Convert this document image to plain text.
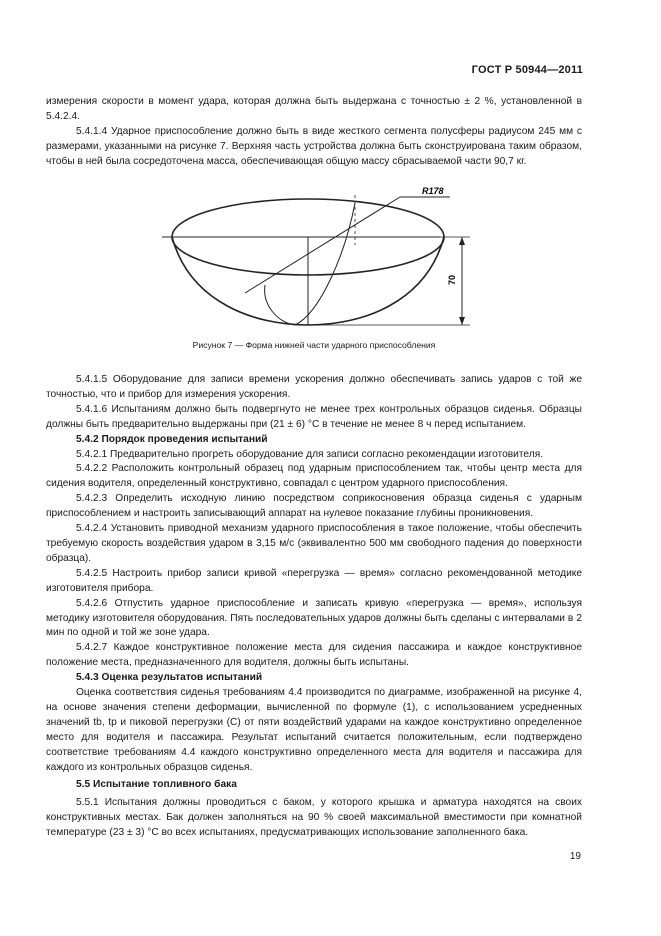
ГОСТ Р 50944—2011

измерения скорости в момент удара, которая должна быть выдержана с точностью ± 2 %, установленной в 5.4.2.4.

5.4.1.4 Ударное приспособление должно быть в виде жесткого сегмента полусферы радиусом 245 мм с размерами, указанными на рисунке 7. Верхняя часть устройства должна быть сконструирована таким образом, чтобы в ней была сосредоточена масса, обеспечивающая общую массу сбрасываемой части 90,7 кг.

R178
70
Рисунок 7 — Форма нижней части ударного приспособления

5.4.1.5 Оборудование для записи времени ускорения должно обеспечивать запись ударов с той же точностью, что и прибор для измерения ускорения.

5.4.1.6 Испытаниям должно быть подвергнуто не менее трех контрольных образцов сиденья. Образцы должны быть предварительно выдержаны при (21 ± 6) °С в течение не менее 8 ч перед испытанием.

5.4.2 Порядок проведения испытаний

5.4.2.1 Предварительно прогреть оборудование для записи согласно рекомендации изготовителя.

5.4.2.2 Расположить контрольный образец под ударным приспособлением так, чтобы центр места для сидения водителя, определенный конструктивно, совпадал с центром ударного приспособления.

5.4.2.3 Определить исходную линию посредством соприкосновения образца сиденья с ударным приспособлением и настроить записывающий аппарат на нулевое показание глубины проникновения.

5.4.2.4 Установить приводной механизм ударного приспособления в такое положение, чтобы обеспечить требуемую скорость воздействия ударом в 3,15 м/с (эквивалентно 500 мм свободного падения до поверхности образца).

5.4.2.5 Настроить прибор записи кривой «перегрузка — время» согласно рекомендованной методике изготовителя прибора.

5.4.2.6 Отпустить ударное приспособление и записать кривую «перегрузка — время», используя методику изготовителя оборудования. Пять последовательных ударов должны быть сделаны с интервалами в 2 мин по одной и той же зоне удара.

5.4.2.7 Каждое конструктивное положение места для сидения пассажира и каждое конструктивное положение места, предназначенного для водителя, должны быть испытаны.

5.4.3 Оценка результатов испытаний

Оценка соответствия сиденья требованиям 4.4 производится по диаграмме, изображенной на рисунке 4, на основе значения степени деформации, вычисленной по формуле (1), с использованием усредненных значений tb, tp и пиковой перегрузки (С) от пяти воздействий ударами на каждое конструктивно определенное место для водителя и пассажира. Результат испытаний считается положительным, если подтверждено соответствие требованиям 4.4 каждого конструктивно определенного места для водителя и пассажира для каждого из контрольных образцов сиденья.

5.5 Испытание топливного бака

5.5.1 Испытания должны проводиться с баком, у которого крышка и арматура находятся на своих конструктивных местах. Бак должен заполняться на 90 % своей максимальной вместимости при комнатной температуре (23 ± 3) °С во всех испытаниях, предусматривающих использование заполненного бака.

19
